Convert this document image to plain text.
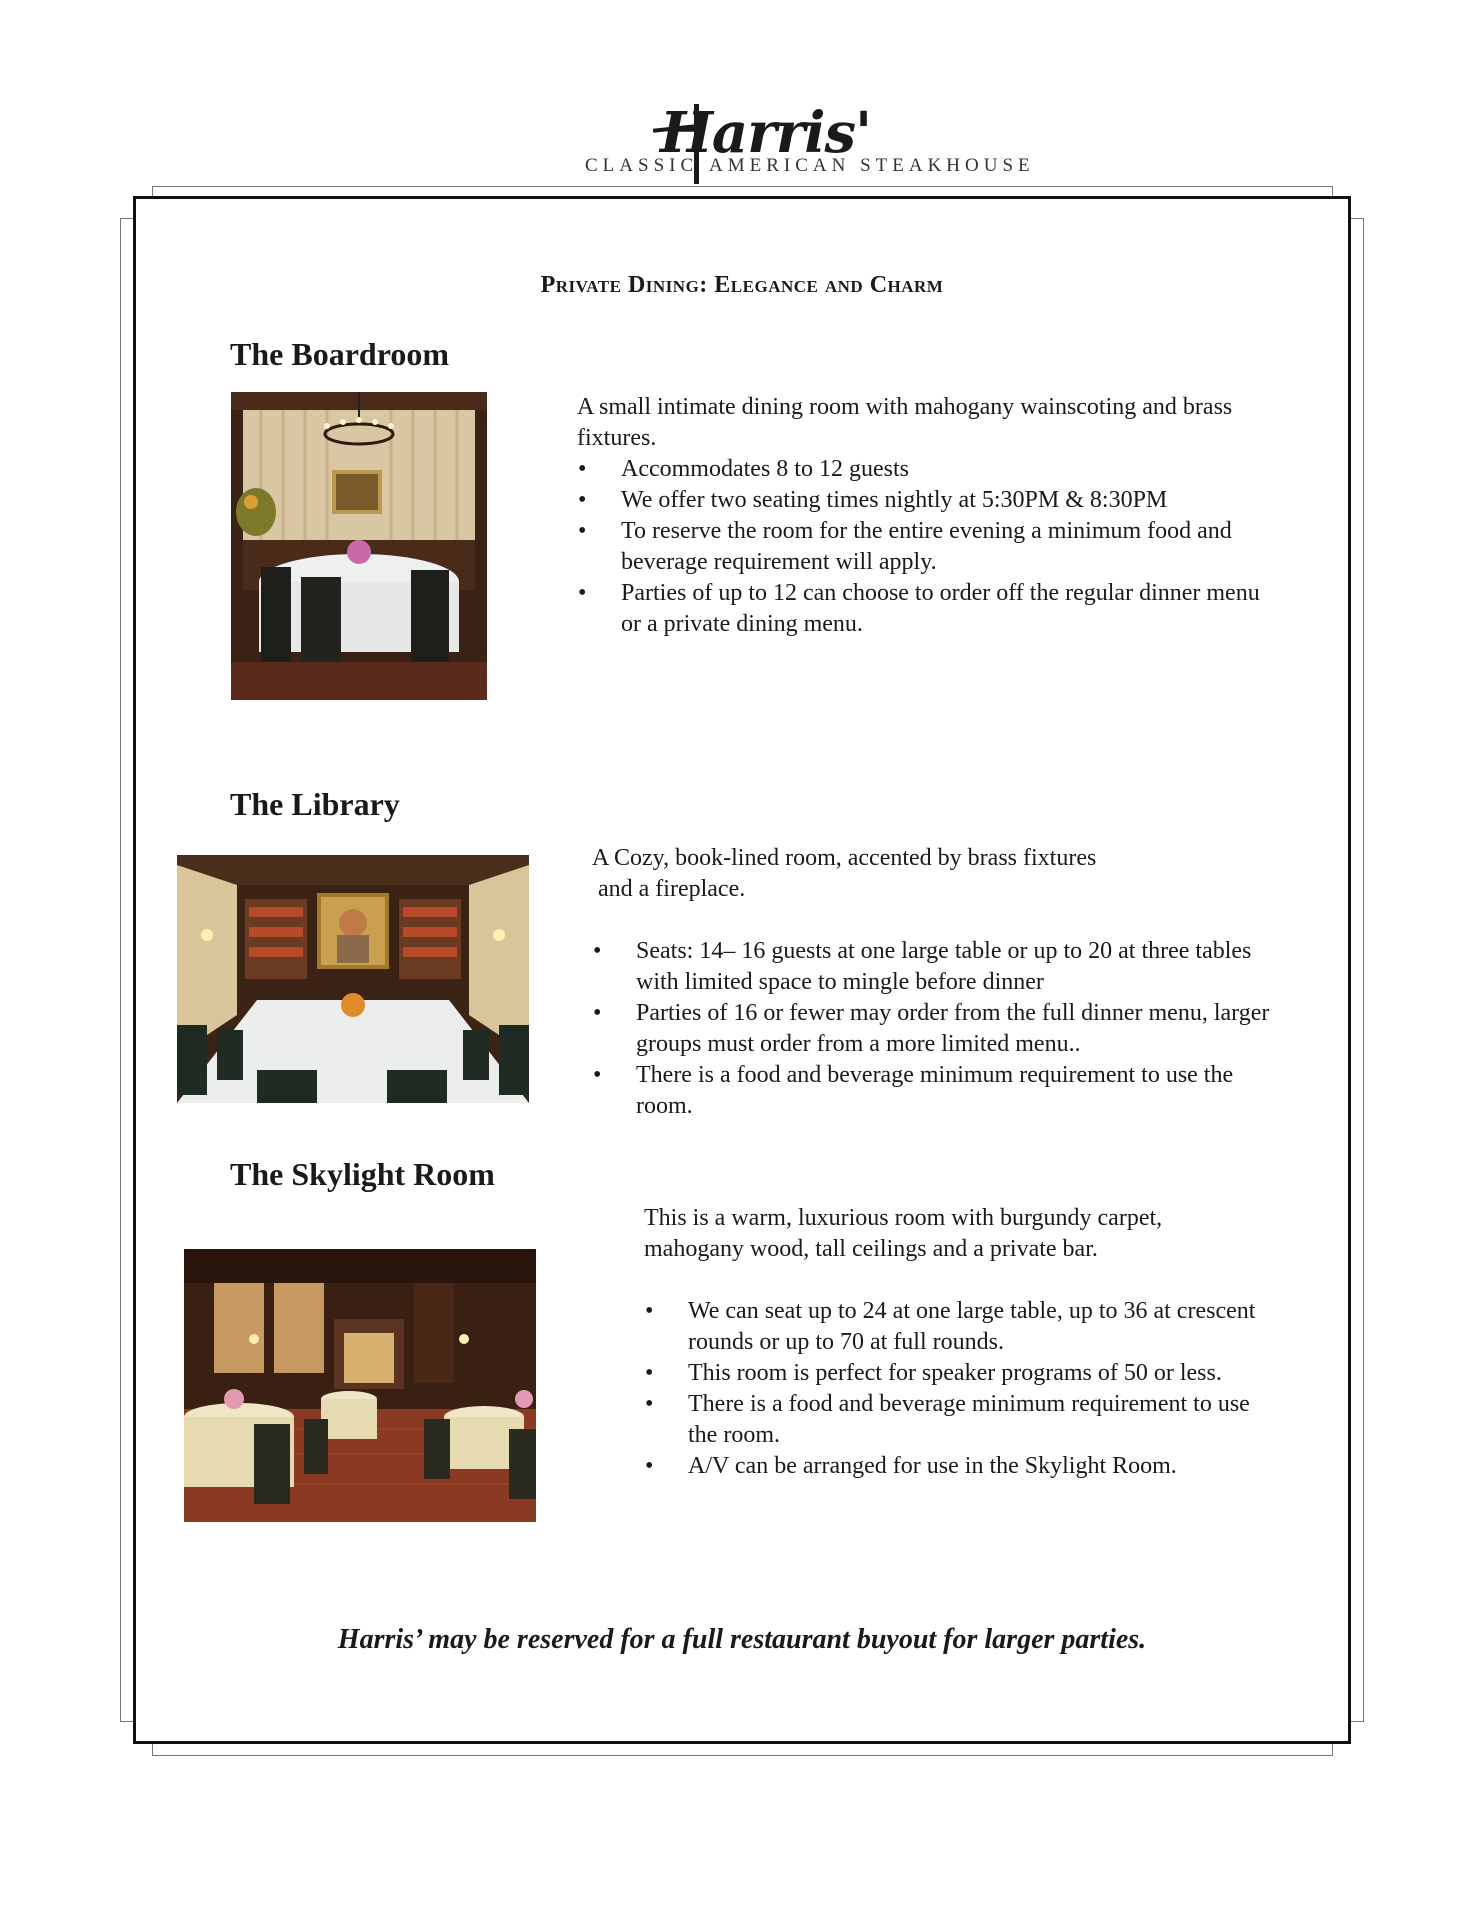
Harris'
CLASSIC AMERICAN STEAKHOUSE
Private Dining: Elegance and Charm
The Boardroom

A small intimate dining room with mahogany wainscoting and brass fixtures.

• Accommodates 8 to 12 guests
• We offer two seating times nightly at 5:30PM & 8:30PM
• To reserve the room for the entire evening a minimum food and beverage requirement will apply.
• Parties of up to 12 can choose to order off the regular dinner menu or a private dining menu.
The Library

A Cozy, book-lined room, accented by brass fixtures

and a fireplace.

• Seats: 14– 16 guests at one large table or up to 20 at three tables with limited space to mingle before dinner
• Parties of 16 or fewer may order from the full dinner menu, larger groups must order from a more limited menu..
• There is a food and beverage minimum requirement to use the room.
The Skylight Room

This is a warm, luxurious room with burgundy carpet, mahogany wood, tall ceilings and a private bar.

• We can seat up to 24 at one large table, up to 36 at crescent rounds or up to 70 at full rounds.
• This room is perfect for speaker programs of 50 or less.
• There is a food and beverage minimum requirement to use the room.
• A/V can be arranged for use in the Skylight Room.
Harris’ may be reserved for a full restaurant buyout for larger parties.
